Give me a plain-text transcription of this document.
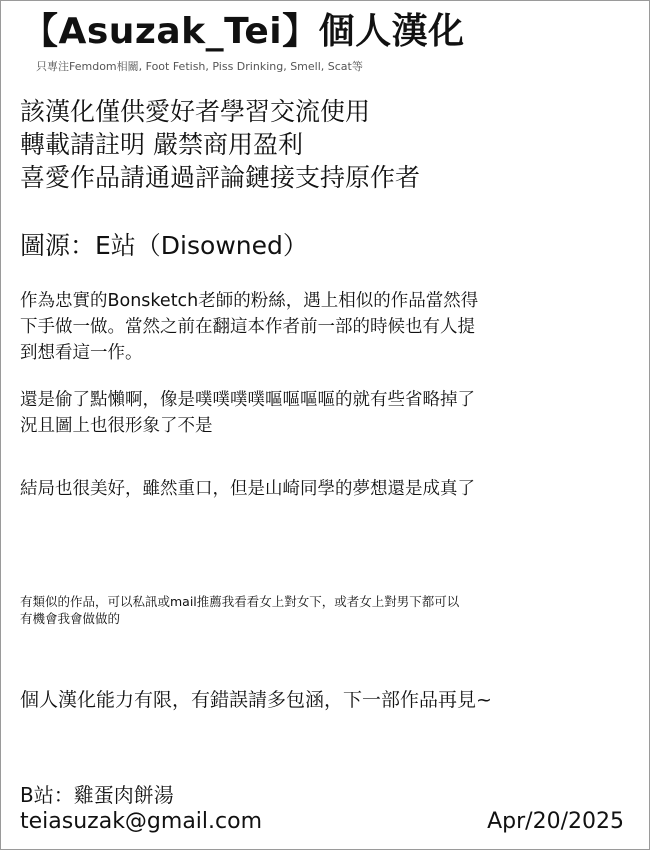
【Asuzak_Tei】個人漢化
只專注Femdom相關, Foot Fetish, Piss Drinking, Smell, Scat等
該漢化僅供愛好者學習交流使用
轉載請註明 嚴禁商用盈利
喜愛作品請通過評論鏈接支持原作者
圖源：E站（Disowned）
作為忠實的Bonsketch老師的粉絲，遇上相似的作品當然得
下手做一做。當然之前在翻這本作者前一部的時候也有人提
到想看這一作。
還是偷了點懶啊，像是噗噗噗噗嘔嘔嘔嘔的就有些省略掉了
況且圖上也很形象了不是
結局也很美好，雖然重口，但是山崎同學的夢想還是成真了
有類似的作品，可以私訊或mail推薦我看看女上對女下，或者女上對男下都可以
有機會我會做做的
個人漢化能力有限，有錯誤請多包涵，下一部作品再見~
B站：雞蛋肉餅湯
teiasuzak@gmail.com	Apr/20/2025
